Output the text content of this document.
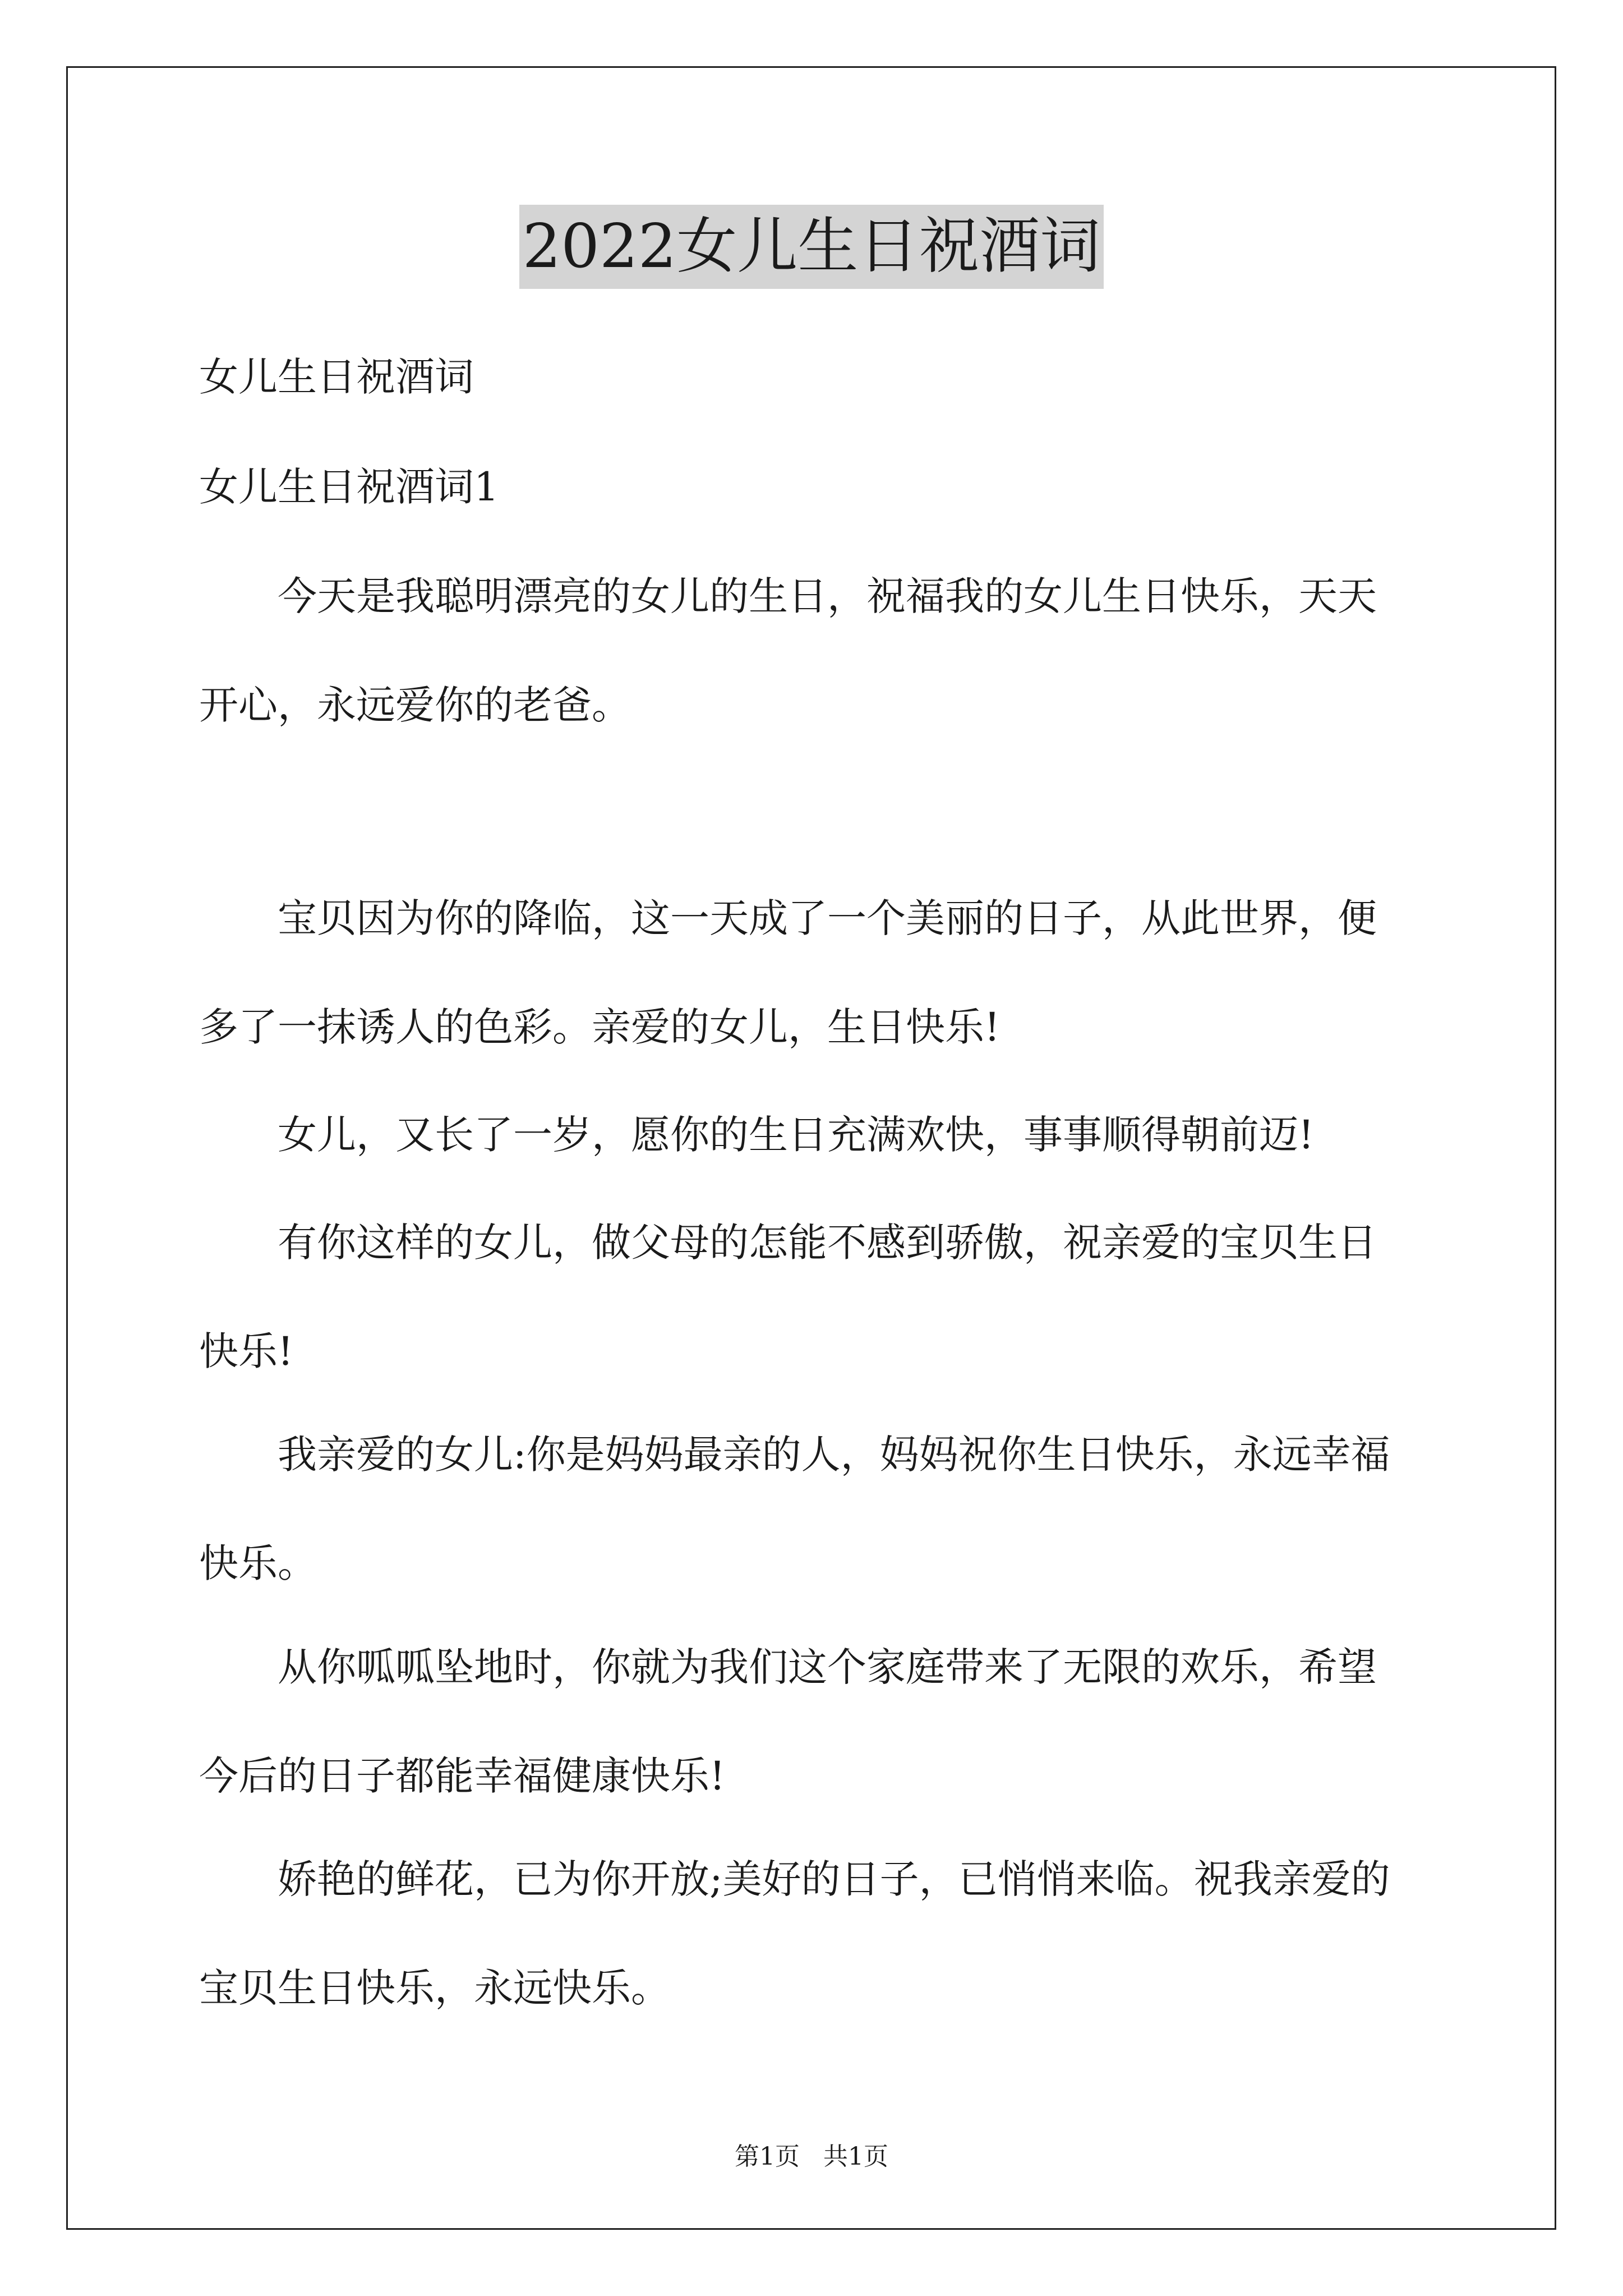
2022女儿生日祝酒词

女儿生日祝酒词

女儿生日祝酒词1

　　今天是我聪明漂亮的女儿的生日，祝福我的女儿生日快乐，天天
开心，永远爱你的老爸。
　　宝贝因为你的降临，这一天成了一个美丽的日子，从此世界，便
多了一抹诱人的色彩。亲爱的女儿，生日快乐!
　　女儿，又长了一岁，愿你的生日充满欢快，事事顺得朝前迈!
　　有你这样的女儿，做父母的怎能不感到骄傲，祝亲爱的宝贝生日
快乐!
　　我亲爱的女儿:你是妈妈最亲的人，妈妈祝你生日快乐，永远幸福
快乐。
　　从你呱呱坠地时，你就为我们这个家庭带来了无限的欢乐，希望
今后的日子都能幸福健康快乐!
　　娇艳的鲜花，已为你开放;美好的日子，已悄悄来临。祝我亲爱的
宝贝生日快乐，永远快乐。
第1页   共1页
